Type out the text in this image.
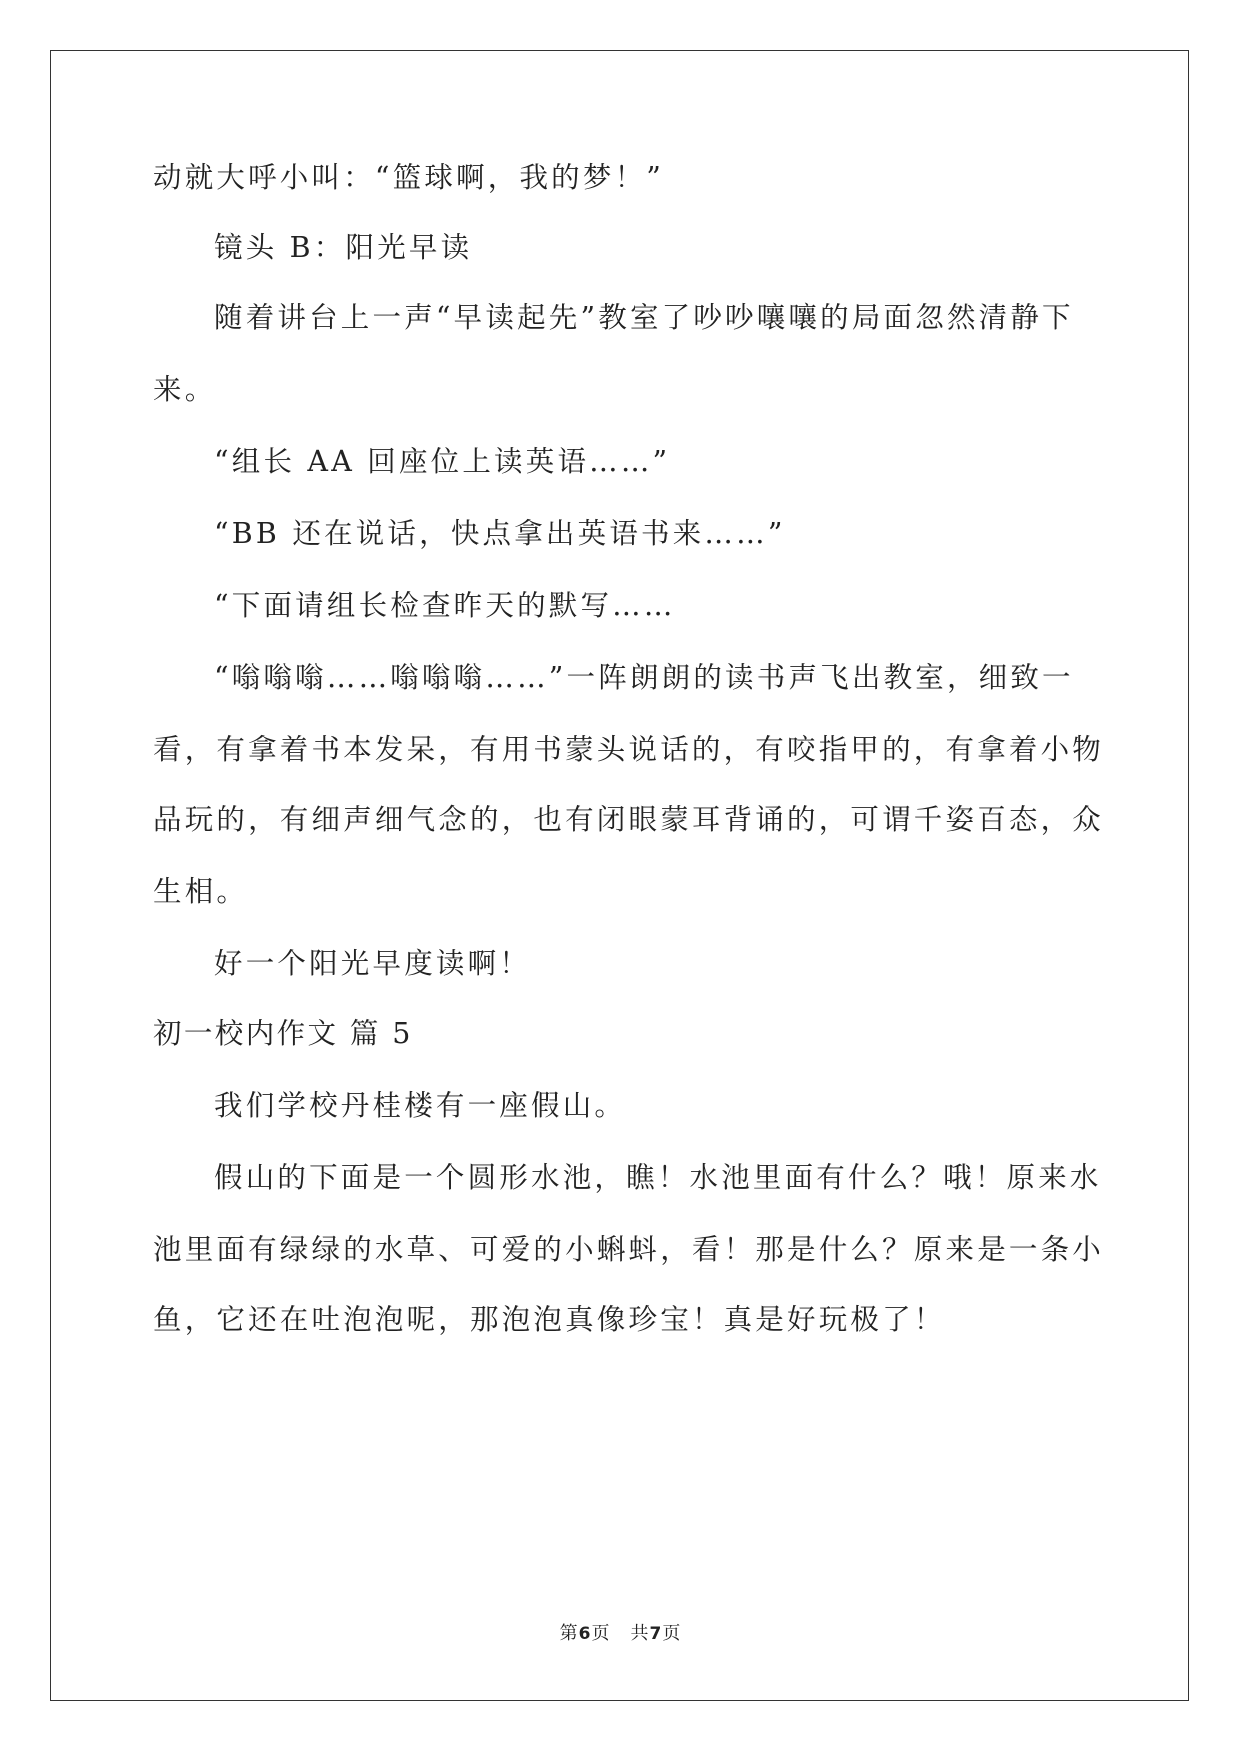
动就大呼小叫：“篮球啊，我的梦！”
镜头 B：阳光早读
随着讲台上一声“早读起先”教室了吵吵嚷嚷的局面忽然清静下
来。
“组长 AA 回座位上读英语……”
“BB 还在说话，快点拿出英语书来……”
“下面请组长检查昨天的默写……
“嗡嗡嗡……嗡嗡嗡……”一阵朗朗的读书声飞出教室，细致一
看，有拿着书本发呆，有用书蒙头说话的，有咬指甲的，有拿着小物
品玩的，有细声细气念的，也有闭眼蒙耳背诵的，可谓千姿百态，众
生相。
好一个阳光早度读啊！
初一校内作文 篇 5
我们学校丹桂楼有一座假山。
假山的下面是一个圆形水池，瞧！水池里面有什么？哦！原来水
池里面有绿绿的水草、可爱的小蝌蚪，看！那是什么？原来是一条小
鱼，它还在吐泡泡呢，那泡泡真像珍宝！真是好玩极了！
第6页 共7页
